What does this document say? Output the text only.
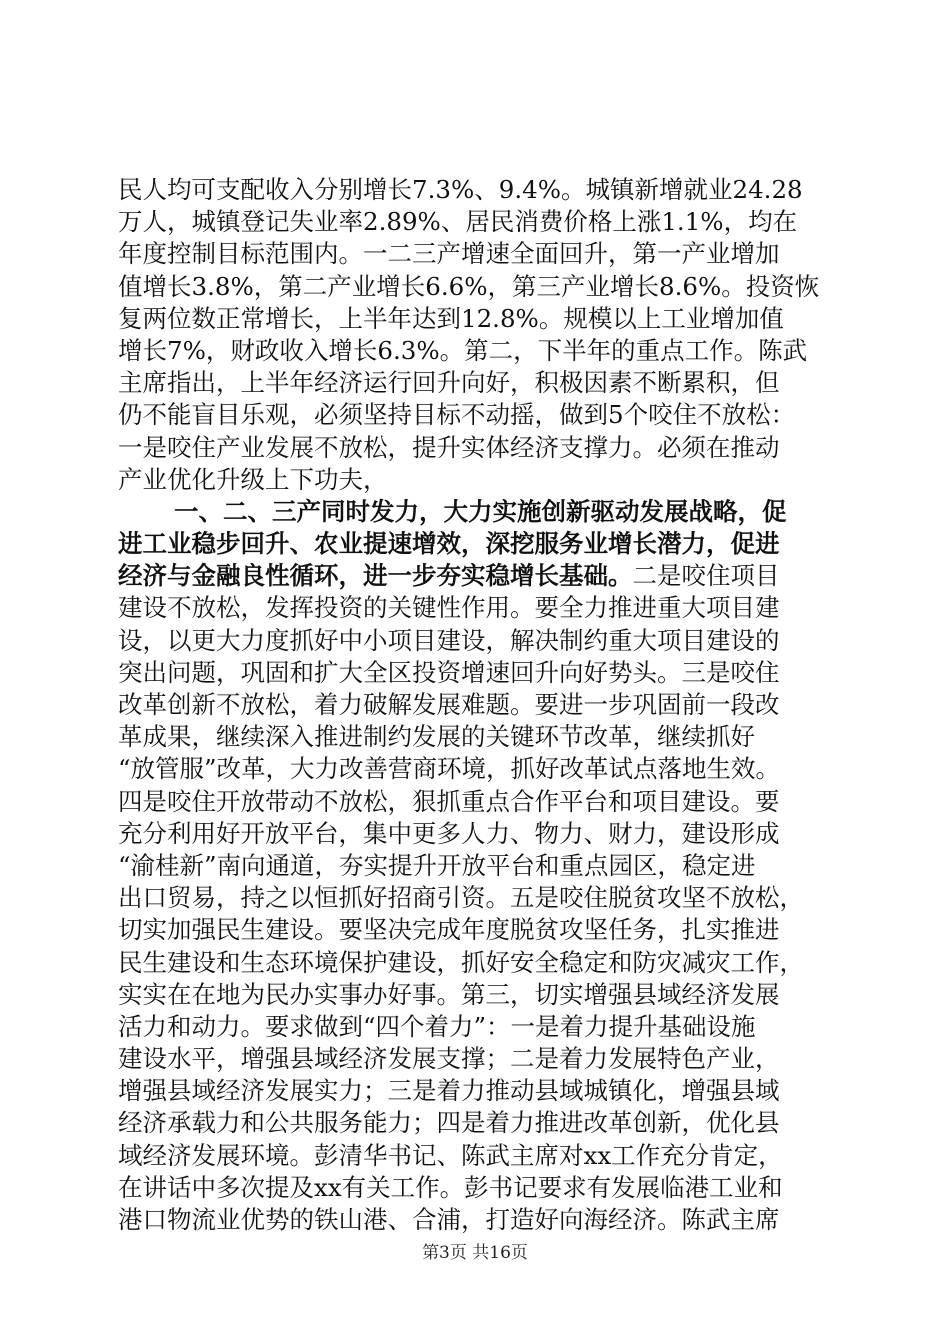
民人均可支配收入分别增长7.3%、9.4%。城镇新增就业24.28
万人，城镇登记失业率2.89%、居民消费价格上涨1.1%，均在
年度控制目标范围内。一二三产增速全面回升，第一产业增加
值增长3.8%，第二产业增长6.6%，第三产业增长8.6%。投资恢
复两位数正常增长，上半年达到12.8%。规模以上工业增加值
增长7%，财政收入增长6.3%。第二，下半年的重点工作。陈武
主席指出，上半年经济运行回升向好，积极因素不断累积，但
仍不能盲目乐观，必须坚持目标不动摇，做到5个咬住不放松：
一是咬住产业发展不放松，提升实体经济支撑力。必须在推动
产业优化升级上下功夫，
一、二、三产同时发力，大力实施创新驱动发展战略，促
进工业稳步回升、农业提速增效，深挖服务业增长潜力，促进
经济与金融良性循环，进一步夯实稳增长基础。二是咬住项目
建设不放松，发挥投资的关键性作用。要全力推进重大项目建
设，以更大力度抓好中小项目建设，解决制约重大项目建设的
突出问题，巩固和扩大全区投资增速回升向好势头。三是咬住
改革创新不放松，着力破解发展难题。要进一步巩固前一段改
革成果，继续深入推进制约发展的关键环节改革，继续抓好
“放管服”改革，大力改善营商环境，抓好改革试点落地生效。
四是咬住开放带动不放松，狠抓重点合作平台和项目建设。要
充分利用好开放平台，集中更多人力、物力、财力，建设形成
“渝桂新”南向通道，夯实提升开放平台和重点园区，稳定进
出口贸易，持之以恒抓好招商引资。五是咬住脱贫攻坚不放松，
切实加强民生建设。要坚决完成年度脱贫攻坚任务，扎实推进
民生建设和生态环境保护建设，抓好安全稳定和防灾减灾工作，
实实在在地为民办实事办好事。第三，切实增强县域经济发展
活力和动力。要求做到“四个着力”：一是着力提升基础设施
建设水平，增强县域经济发展支撑；二是着力发展特色产业，
增强县域经济发展实力；三是着力推动县域城镇化，增强县域
经济承载力和公共服务能力；四是着力推进改革创新，优化县
域经济发展环境。彭清华书记、陈武主席对xx工作充分肯定，
在讲话中多次提及xx有关工作。彭书记要求有发展临港工业和
港口物流业优势的铁山港、合浦，打造好向海经济。陈武主席
第3页 共16页
